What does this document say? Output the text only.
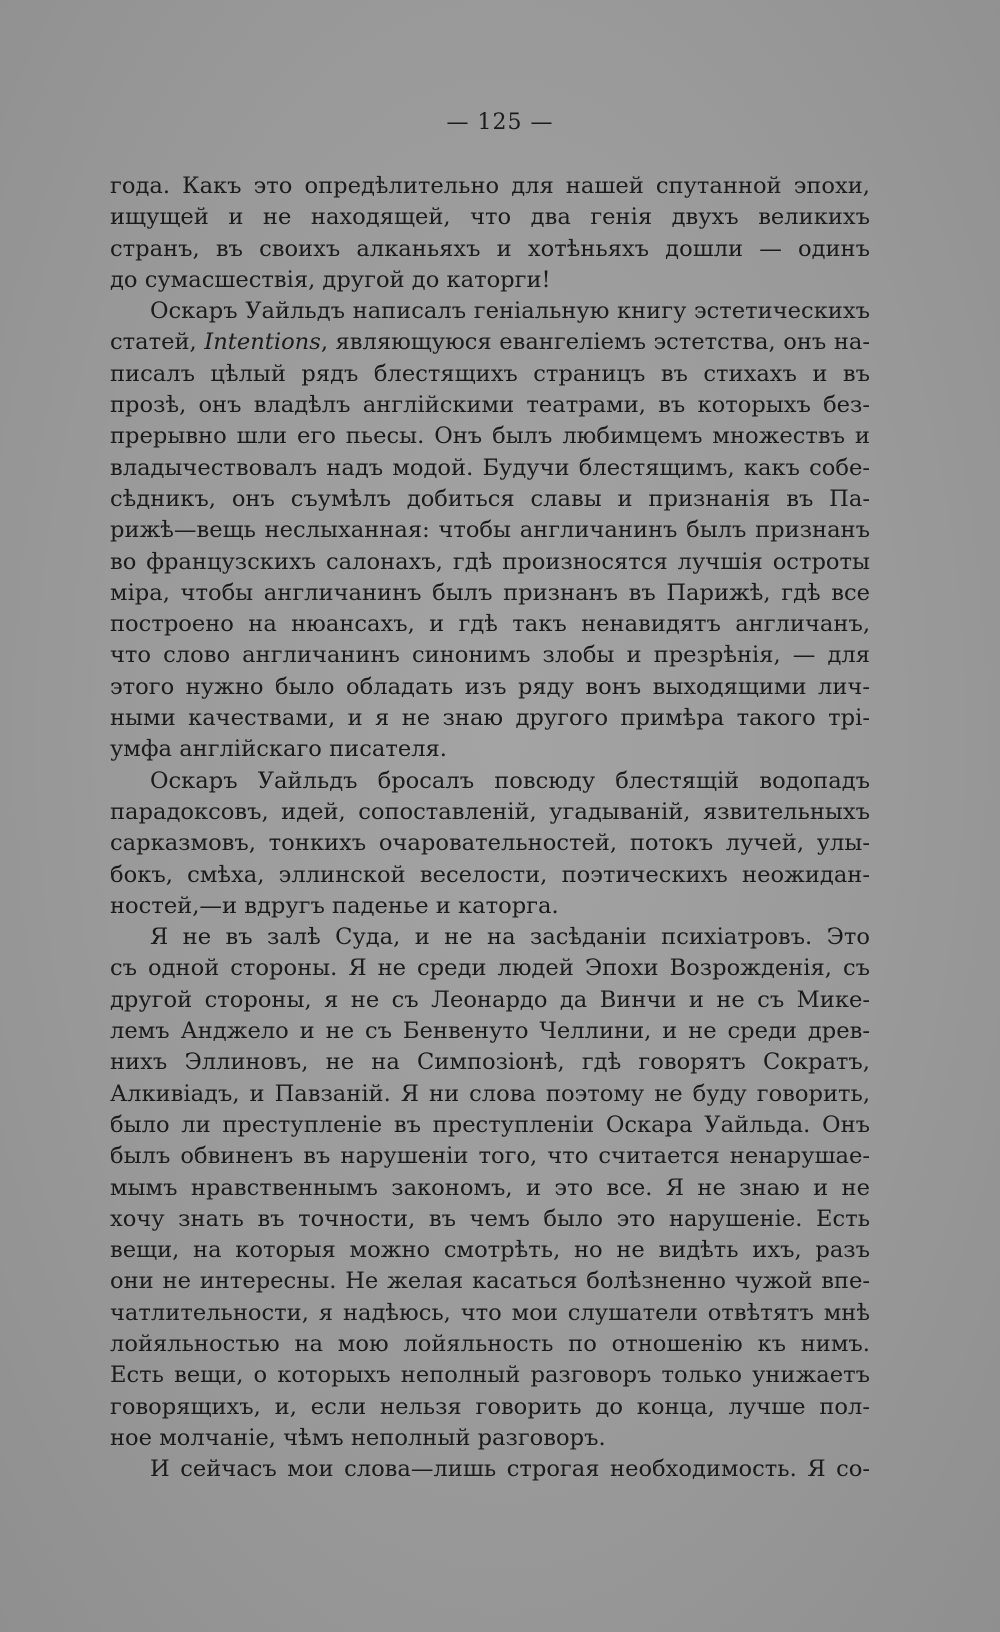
— 125 —
года. Какъ это опредѣлительно для нашей спутанной эпохи,
ищущей и не находящей, что два генія двухъ великихъ
странъ, въ своихъ алканьяхъ и хотѣньяхъ дошли — одинъ
до сумасшествія, другой до каторги!
Оскаръ Уайльдъ написалъ геніальную книгу эстетическихъ
статей, Intentions, являющуюся евангеліемъ эстетства, онъ на-
писалъ цѣлый рядъ блестящихъ страницъ въ стихахъ и въ
прозѣ, онъ владѣлъ англійскими театрами, въ которыхъ без-
прерывно шли его пьесы. Онъ былъ любимцемъ множествъ и
владычествовалъ надъ модой. Будучи блестящимъ, какъ собе-
сѣдникъ, онъ съумѣлъ добиться славы и признанія въ Па-
рижѣ—вещь неслыханная: чтобы англичанинъ былъ признанъ
во французскихъ салонахъ, гдѣ произносятся лучшія остроты
міра, чтобы англичанинъ былъ признанъ въ Парижѣ, гдѣ все
построено на нюансахъ, и гдѣ такъ ненавидятъ англичанъ,
что слово англичанинъ синонимъ злобы и презрѣнія, — для
этого нужно было обладать изъ ряду вонъ выходящими лич-
ными качествами, и я не знаю другого примѣра такого трі-
умфа англійскаго писателя.
Оскаръ Уайльдъ бросалъ повсюду блестящій водопадъ
парадоксовъ, идей, сопоставленій, угадываній, язвительныхъ
сарказмовъ, тонкихъ очаровательностей, потокъ лучей, улы-
бокъ, смѣха, эллинской веселости, поэтическихъ неожидан-
ностей,—и вдругъ паденье и каторга.
Я не въ залѣ Суда, и не на засѣданіи психіатровъ. Это
съ одной стороны. Я не среди людей Эпохи Возрожденія, съ
другой стороны, я не съ Леонардо да Винчи и не съ Мике-
лемъ Анджело и не съ Бенвенуто Челлини, и не среди древ-
нихъ Эллиновъ, не на Симпозіонѣ, гдѣ говорятъ Сократъ,
Алкивіадъ, и Павзаній. Я ни слова поэтому не буду говорить,
было ли преступленіе въ преступленіи Оскара Уайльда. Онъ
былъ обвиненъ въ нарушеніи того, что считается ненарушае-
мымъ нравственнымъ закономъ, и это все. Я не знаю и не
хочу знать въ точности, въ чемъ было это нарушеніе. Есть
вещи, на которыя можно смотрѣть, но не видѣть ихъ, разъ
они не интересны. Не желая касаться болѣзненно чужой впе-
чатлительности, я надѣюсь, что мои слушатели отвѣтятъ мнѣ
лойяльностью на мою лойяльность по отношенію къ нимъ.
Есть вещи, о которыхъ неполный разговоръ только унижаетъ
говорящихъ, и, если нельзя говорить до конца, лучше пол-
ное молчаніе, чѣмъ неполный разговоръ.
И сейчасъ мои слова—лишь строгая необходимость. Я со-
